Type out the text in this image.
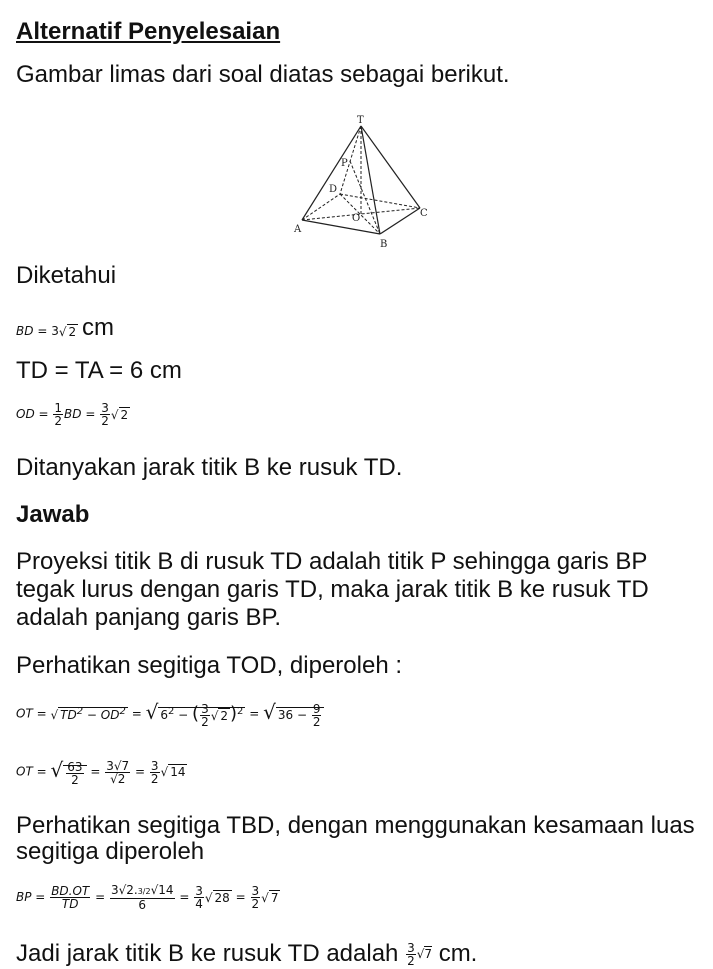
Alternatif Penyelesaian
Gambar limas dari soal diatas sebagai berikut.
T
P
D
C
O
A
B
Diketahui
BD = 3√ 2 cm
TD = TA = 6 cm
OD = $\frac{1}{2}$ BD = $\frac{3}{2}$ √ 2
Ditanyakan jarak titik B ke rusuk TD.
Jawab
Proyeksi titik B di rusuk TD adalah titik P sehingga garis BP tegak lurus dengan garis TD, maka jarak titik B ke rusuk TD adalah panjang garis BP.
Perhatikan segitiga TOD, diperoleh :
OT = √ $TD^2 - OD^2$ = √ $6^2$ − ( $\frac{3}{2}$ √ 2 )$^2$ = √ $36 - \frac{9}{2}$
OT = √ $\frac{63}{2} = \frac{3√7}{√2} = \frac{3}{2}$ √ 14
Perhatikan segitiga TBD, dengan menggunakan kesamaan luas segitiga diperoleh
BP = $\frac{BD.OT}{TD} = \frac{3√2.3/2√14}{6} = \frac{3}{4}$ √ $28 = \frac{3}{2}$ √ 7
Jadi jarak titik B ke rusuk TD adalah $\frac{3}{2} √7$ cm.
